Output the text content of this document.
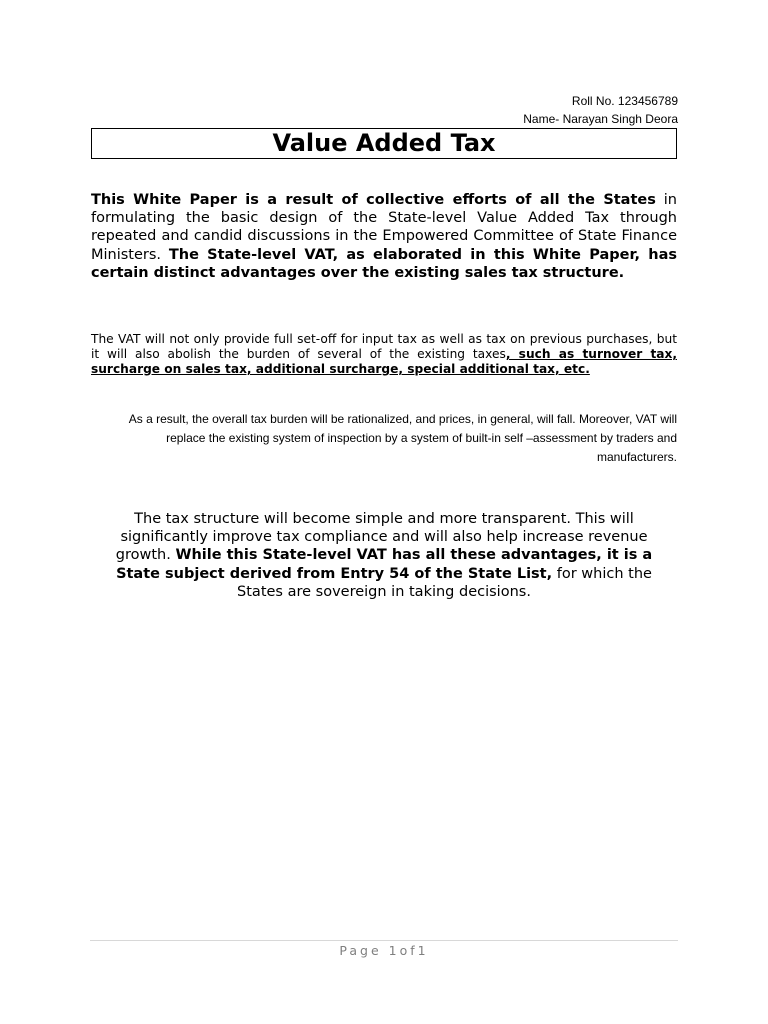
Roll No. 123456789
Name- Narayan Singh Deora
Value Added Tax

This White Paper is a result of collective efforts of all the States in formulating the basic design of the State-level Value Added Tax through repeated and candid discussions in the Empowered Committee of State Finance Ministers. The State-level VAT, as elaborated in this White Paper, has certain distinct advantages over the existing sales tax structure.

The VAT will not only provide full set-off for input tax as well as tax on previous purchases, but it will also abolish the burden of several of the existing taxes, such as turnover tax, surcharge on sales tax, additional surcharge, special additional tax, etc.

As a result, the overall tax burden will be rationalized, and prices, in general, will fall. Moreover, VAT will replace the existing system of inspection by a system of built-in self –assessment by traders and manufacturers.

The tax structure will become simple and more transparent. This will significantly improve tax compliance and will also help increase revenue growth. While this State-level VAT has all these advantages, it is a State subject derived from Entry 54 of the State List, for which the States are sovereign in taking decisions.

Page 1of1
